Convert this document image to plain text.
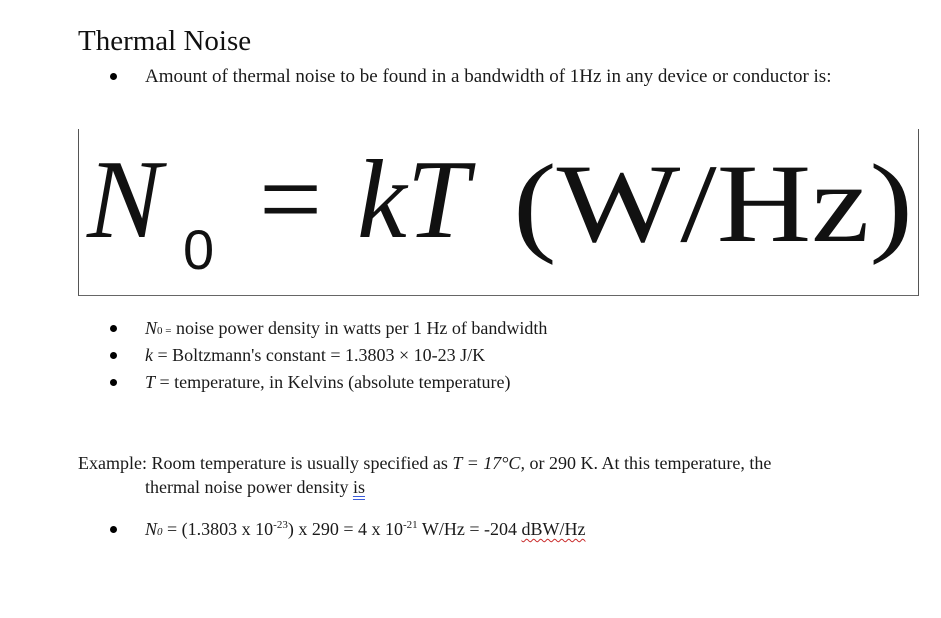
Thermal Noise
Amount of thermal noise to be found in a bandwidth of 1Hz in any device or conductor is:
N 0 = kT (W/Hz)
N0 = noise power density in watts per 1 Hz of bandwidth
k = Boltzmann's constant = 1.3803 × 10-23 J/K
T = temperature, in Kelvins (absolute temperature)
Example: Room temperature is usually specified as T = 17°C, or 290 K. At this temperature, the
thermal noise power density is
N0 = (1.3803 x $10^{-23}$) x 290 = 4 x $10^{-21}$ W/Hz = -204 dBW/Hz
